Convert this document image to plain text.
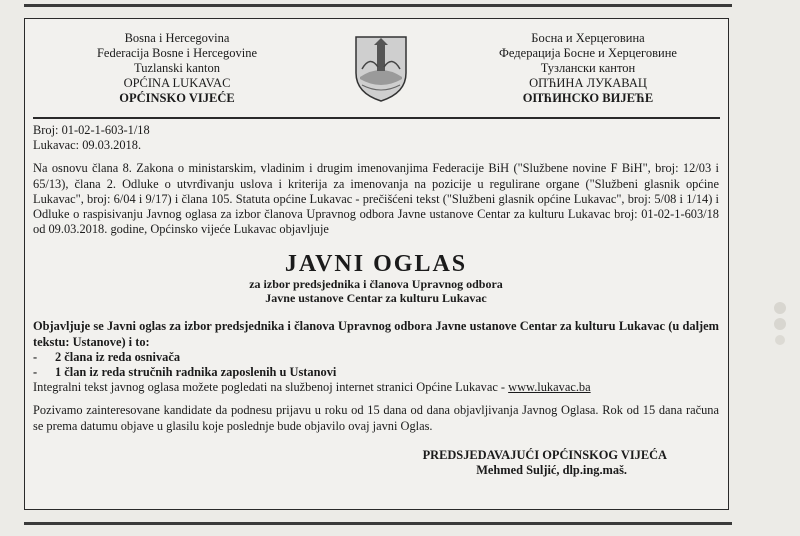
Bosna i Hercegovina
Federacija Bosne i Hercegovine
Tuzlanski kanton
OPĆINA LUKAVAC
OPĆINSKO VIJEĆE
Босна и Херцеговина
Федерација Босне и Херцеговине
Тузлански кантон
ОПЋИНА ЛУКАВАЦ
ОПЋИНСКО ВИЈЕЋЕ

Broj: 01-02-1-603-1/18

Lukavac: 09.03.2018.

Na osnovu člana 8. Zakona o ministarskim, vladinim i drugim imenovanjima Federacije BiH ("Službene novine F BiH", broj: 12/03 i 65/13), člana 2. Odluke o utvrđivanju uslova i kriterija za imenovanja na pozicije u regulirane organe ("Službeni glasnik općine Lukavac", broj: 6/04 i 9/17) i člana 105. Statuta općine Lukavac - prečišćeni tekst ("Službeni glasnik općine Lukavac", broj: 5/08 i 1/14) i Odluke o raspisivanju Javnog oglasa za izbor članova Upravnog odbora Javne ustanove Centar za kulturu Lukavac broj: 01-02-1-603/18 od 09.03.2018. godine, Općinsko vijeće Lukavac objavljuje

JAVNI OGLAS
za izbor predsjednika i članova Upravnog odbora
Javne ustanove Centar za kulturu Lukavac

Objavljuje se Javni oglas za izbor predsjednika i članova Upravnog odbora Javne ustanove Centar za kulturu Lukavac (u daljem tekstu: Ustanove) i to:

-	2 člana iz reda osnivača
-	1 član iz reda stručnih radnika zaposlenih u Ustanovi

Integralni tekst javnog oglasa možete pogledati na službenoj internet stranici Općine Lukavac - www.lukavac.ba

Pozivamo zainteresovane kandidate da podnesu prijavu u roku od 15 dana od dana objavljivanja Javnog Oglasa. Rok od 15 dana računa se prema datumu objave u glasilu koje poslednje bude objavilo ovaj javni Oglas.

PREDSJEDAVAJUĆI OPĆINSKOG VIJEĆA
Mehmed Suljić, dlp.ing.maš.
